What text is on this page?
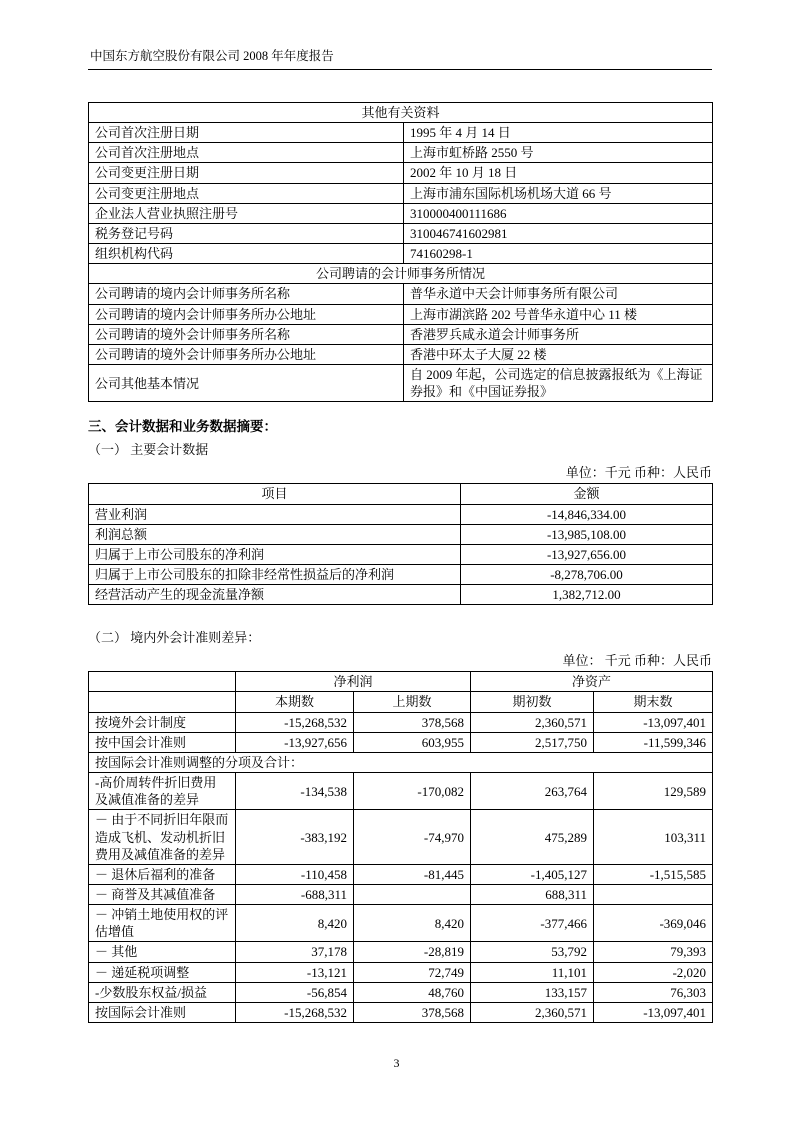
中国东方航空股份有限公司 2008 年年度报告
其他有关资料	
公司首次注册日期	1995 年 4 月 14 日
公司首次注册地点	上海市虹桥路 2550 号
公司变更注册日期	2002 年 10 月 18 日
公司变更注册地点	上海市浦东国际机场机场大道 66 号
企业法人营业执照注册号	310000400111686
税务登记号码	310046741602981
组织机构代码	74160298-1
公司聘请的会计师事务所情况	
公司聘请的境内会计师事务所名称	普华永道中天会计师事务所有限公司
公司聘请的境内会计师事务所办公地址	上海市湖滨路 202 号普华永道中心 11 楼
公司聘请的境外会计师事务所名称	香港罗兵咸永道会计师事务所
公司聘请的境外会计师事务所办公地址	香港中环太子大厦 22 楼
公司其他基本情况	自 2009 年起，公司选定的信息披露报纸为《上海证券报》和《中国证券报》
三、会计数据和业务数据摘要：
（一） 主要会计数据
单位：千元 币种：人民币
项目	金额
营业利润	-14,846,334.00
利润总额	-13,985,108.00
归属于上市公司股东的净利润	-13,927,656.00
归属于上市公司股东的扣除非经常性损益后的净利润	-8,278,706.00
经营活动产生的现金流量净额	1,382,712.00
（二） 境内外会计准则差异：
单位： 千元 币种：人民币
	净利润		净资产	
	本期数	上期数	期初数	期末数
按境外会计制度	-15,268,532	378,568	2,360,571	-13,097,401
按中国会计准则	-13,927,656	603,955	2,517,750	-11,599,346
按国际会计准则调整的分项及合计：				
-高价周转件折旧费用及减值准备的差异	-134,538	-170,082	263,764	129,589
－ 由于不同折旧年限而造成飞机、发动机折旧费用及减值准备的差异	-383,192	-74,970	475,289	103,311
－ 退休后福利的准备	-110,458	-81,445	-1,405,127	-1,515,585
－ 商誉及其减值准备	-688,311		688,311	
－ 冲销土地使用权的评估增值	8,420	8,420	-377,466	-369,046
－ 其他	37,178	-28,819	53,792	79,393
－ 递延税项调整	-13,121	72,749	11,101	-2,020
-少数股东权益/损益	-56,854	48,760	133,157	76,303
按国际会计准则	-15,268,532	378,568	2,360,571	-13,097,401
3
